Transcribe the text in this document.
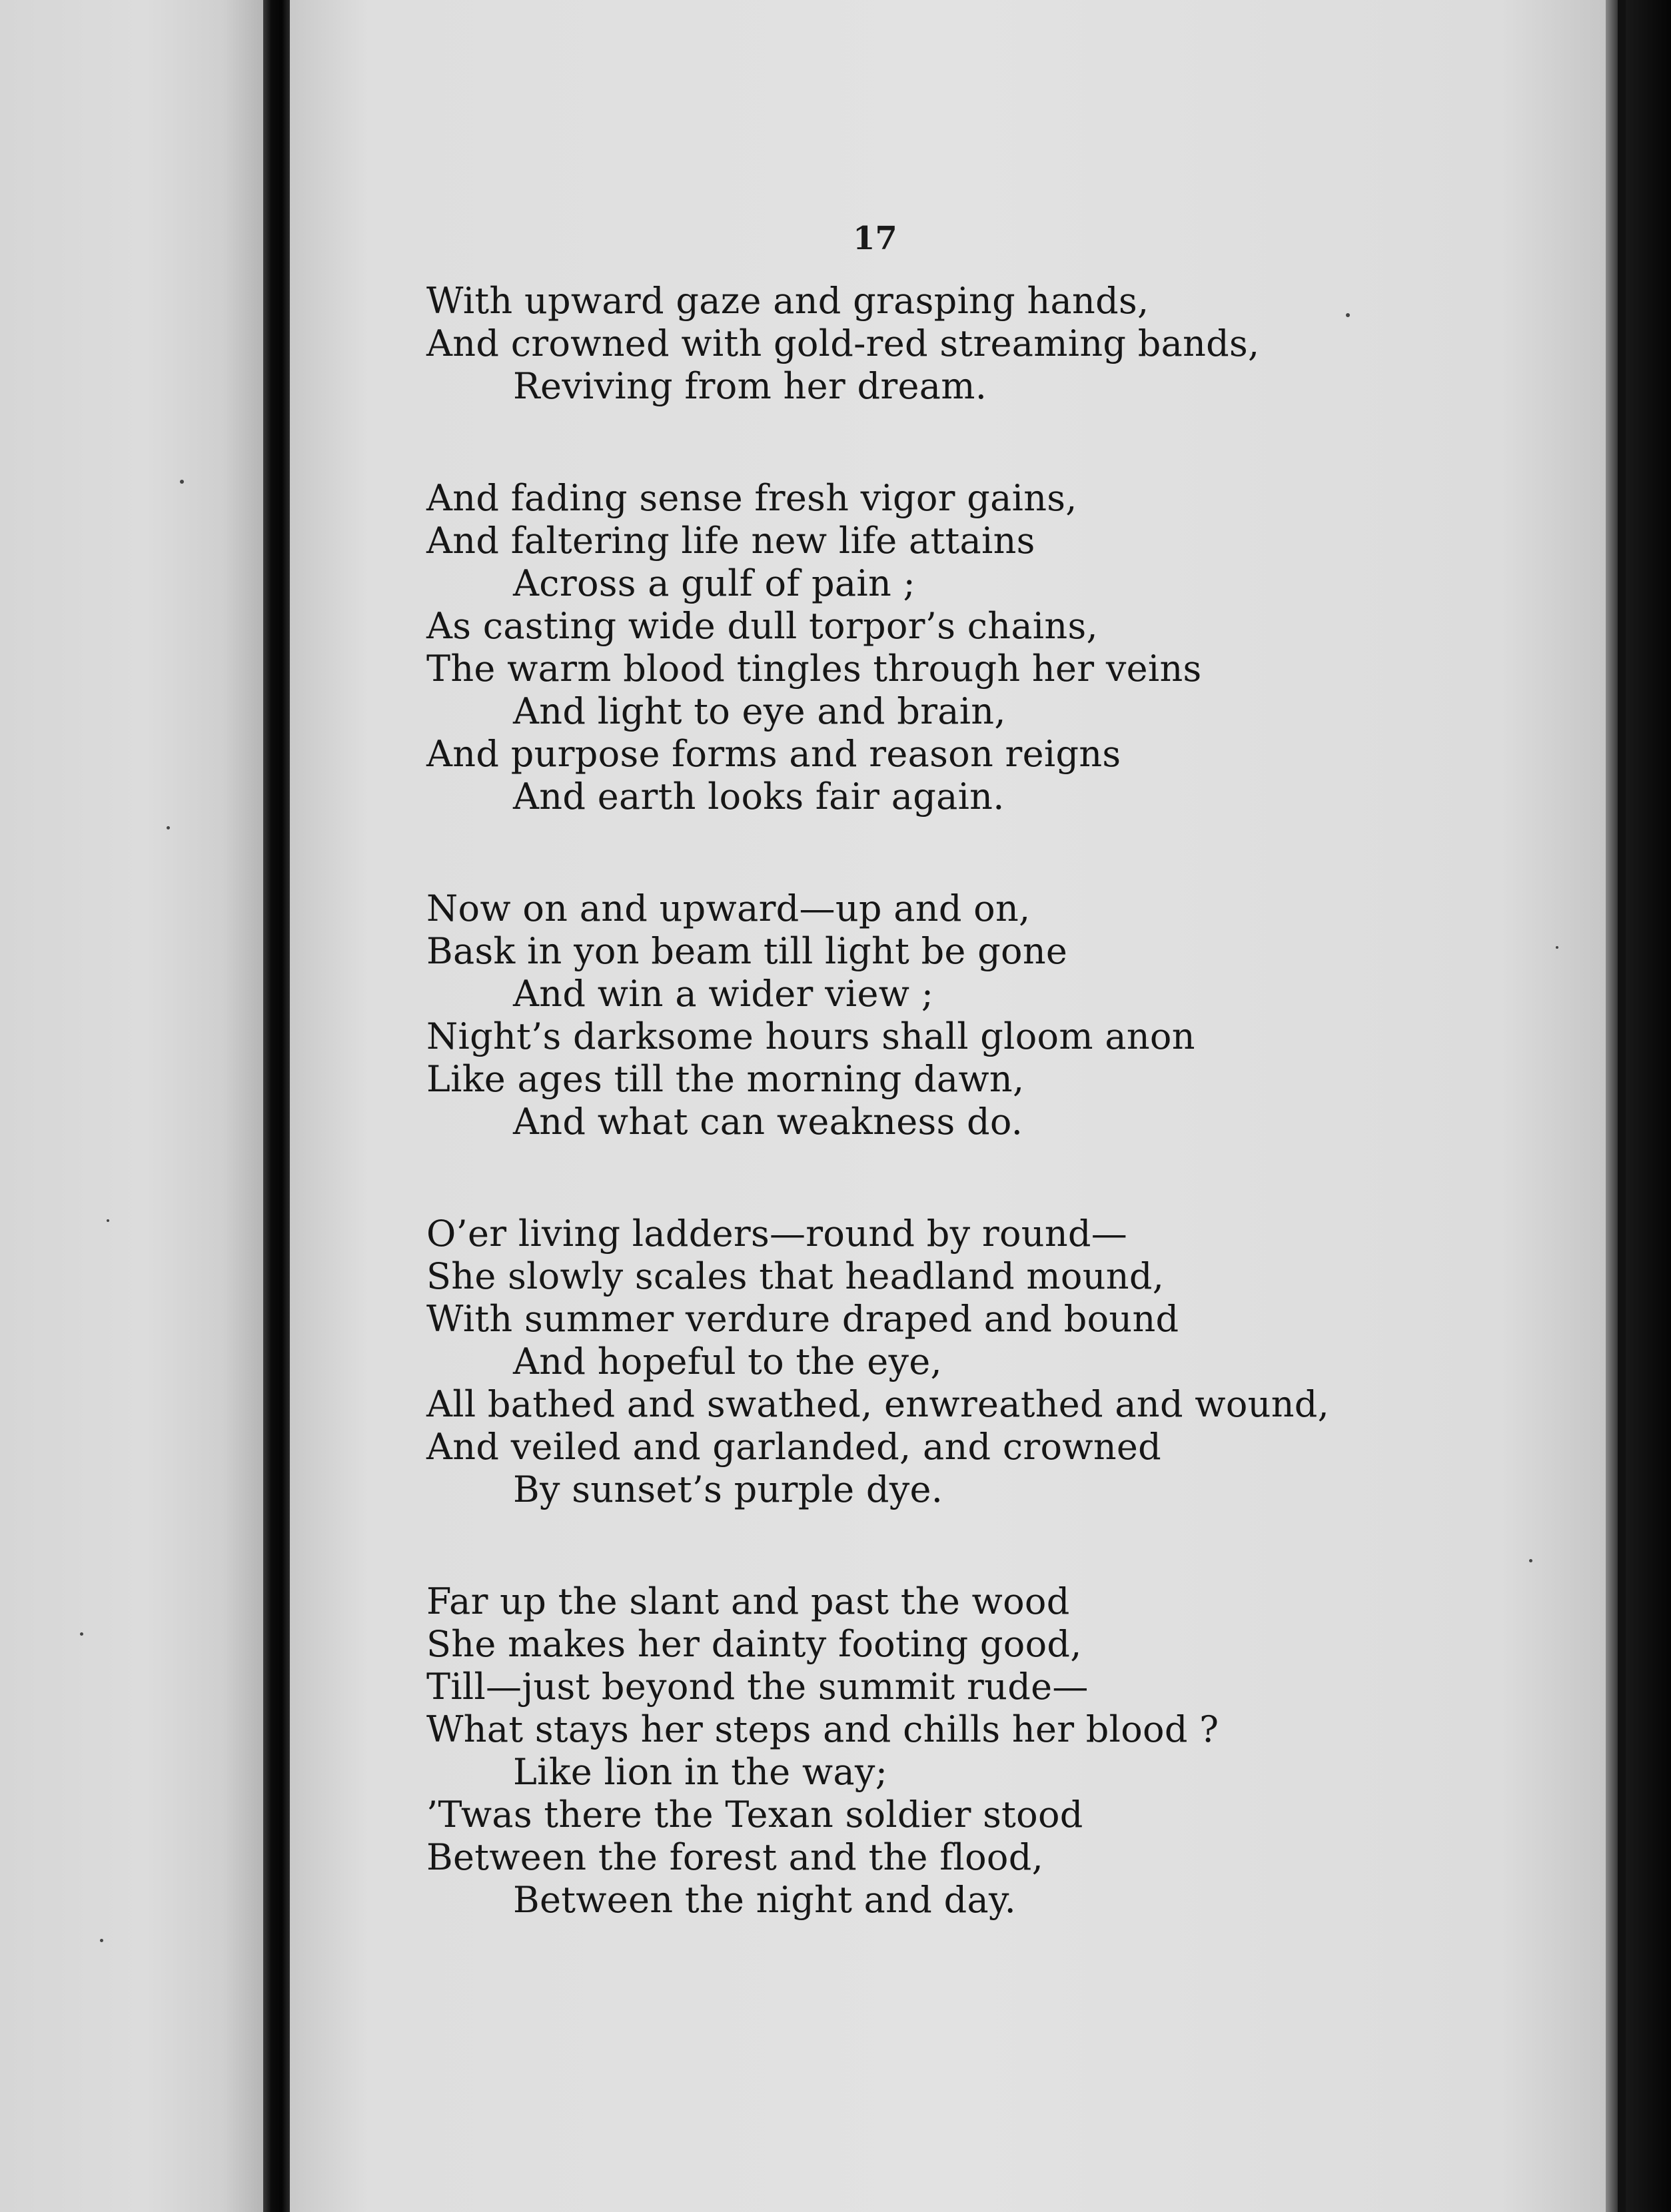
17
With upward gaze and grasping hands,
And crowned with gold-red streaming bands,
Reviving from her dream.
And fading sense fresh vigor gains,
And faltering life new life attains
Across a gulf of pain ;
As casting wide dull torpor’s chains,
The warm blood tingles through her veins
And light to eye and brain,
And purpose forms and reason reigns
And earth looks fair again.
Now on and upward—up and on,
Bask in yon beam till light be gone
And win a wider view ;
Night’s darksome hours shall gloom anon
Like ages till the morning dawn,
And what can weakness do.
O’er living ladders—round by round—
She slowly scales that headland mound,
With summer verdure draped and bound
And hopeful to the eye,
All bathed and swathed, enwreathed and wound,
And veiled and garlanded, and crowned
By sunset’s purple dye.
Far up the slant and past the wood
She makes her dainty footing good,
Till—just beyond the summit rude—
What stays her steps and chills her blood ?
Like lion in the way;
’Twas there the Texan soldier stood
Between the forest and the flood,
Between the night and day.
